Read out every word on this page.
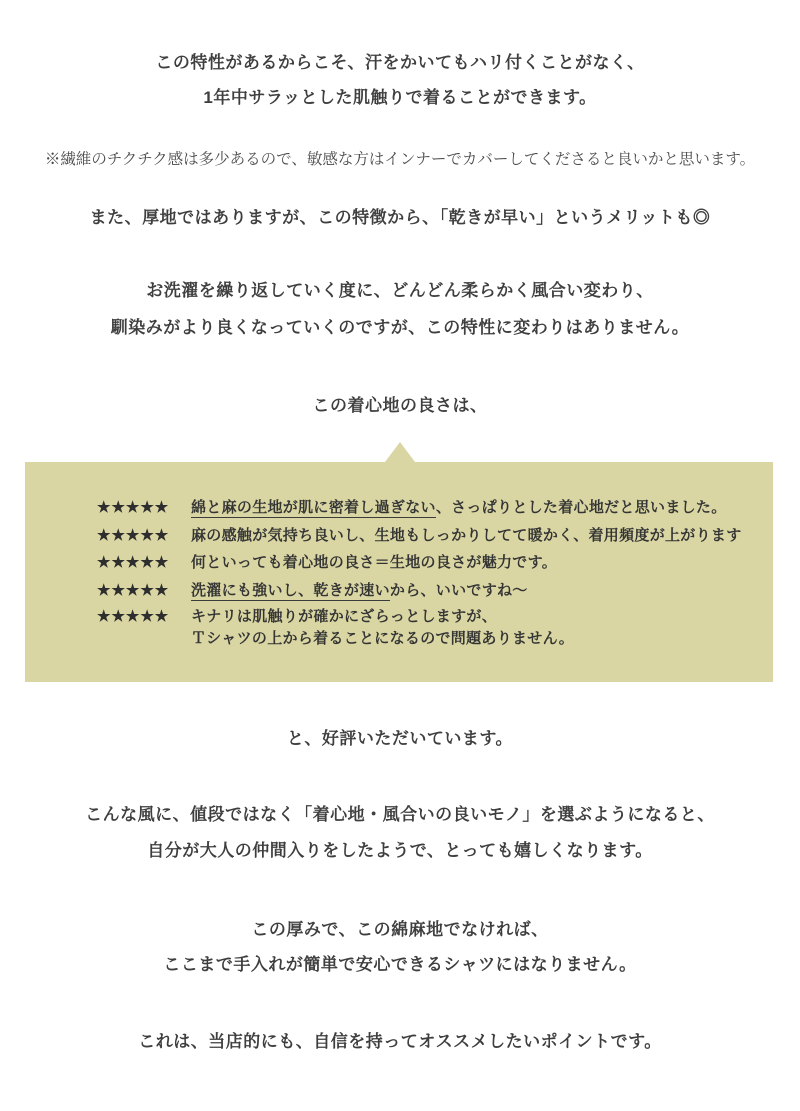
この特性があるからこそ、汗をかいてもハリ付くことがなく、
1年中サラッとした肌触りで着ることができます。
※繊維のチクチク感は多少あるので、敏感な方はインナーでカバーしてくださると良いかと思います。
また、厚地ではありますが、この特徴から、「乾きが早い」というメリットも◎
お洗濯を繰り返していく度に、どんどん柔らかく風合い変わり、
馴染みがより良くなっていくのですが、この特性に変わりはありません。
この着心地の良さは、
★★★★★	綿と麻の生地が肌に密着し過ぎない、さっぱりとした着心地だと思いました。
★★★★★	麻の感触が気持ち良いし、生地もしっかりしてて暖かく、着用頻度が上がります
★★★★★	何といっても着心地の良さ＝生地の良さが魅力です。
★★★★★	洗濯にも強いし、乾きが速いから、いいですね〜
★★★★★	キナリは肌触りが確かにざらっとしますが、
Ｔシャツの上から着ることになるので問題ありません。
と、好評いただいています。
こんな風に、値段ではなく「着心地・風合いの良いモノ」を選ぶようになると、
自分が大人の仲間入りをしたようで、とっても嬉しくなります。
この厚みで、この綿麻地でなければ、
ここまで手入れが簡単で安心できるシャツにはなりません。
これは、当店的にも、自信を持ってオススメしたいポイントです。
